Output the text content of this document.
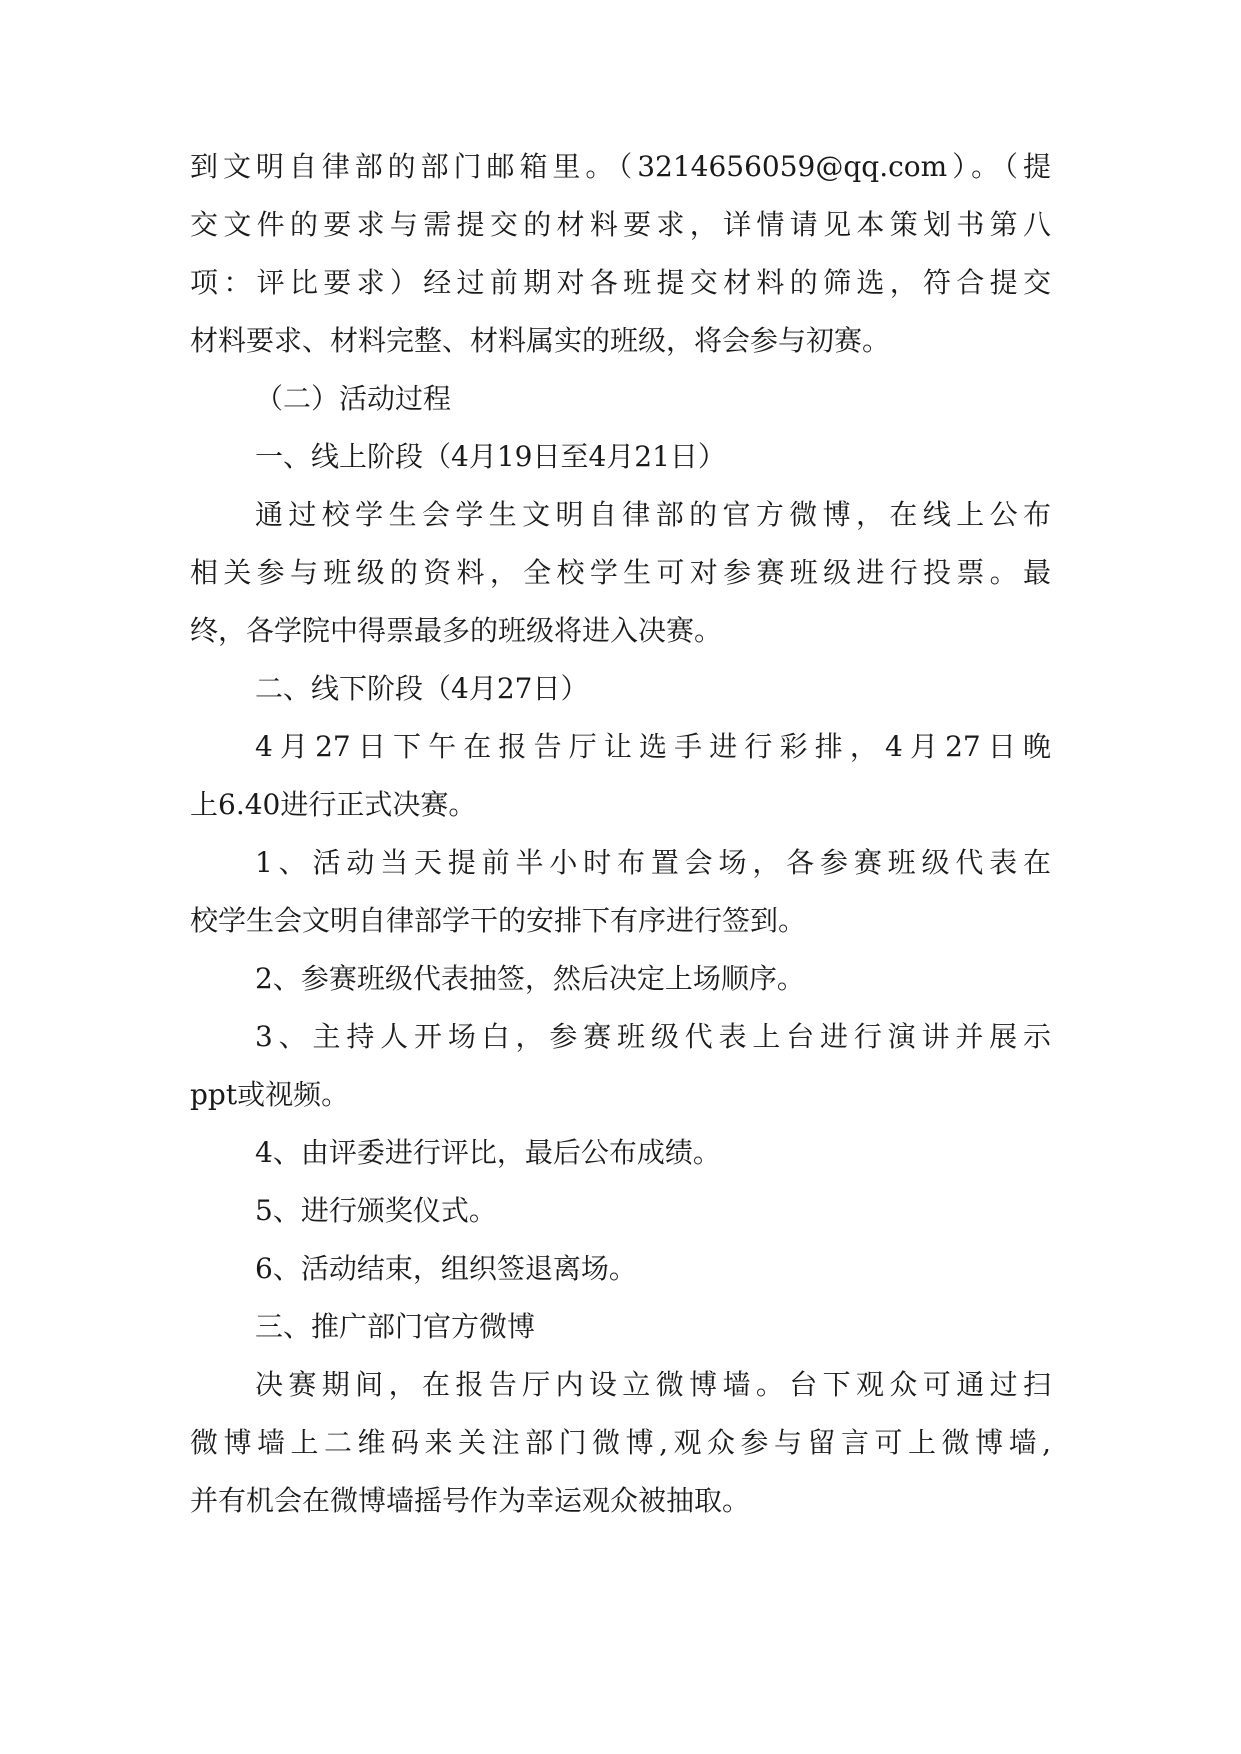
到文明自律部的部门邮箱里。（3214656059@qq.com）。（提

交文件的要求与需提交的材料要求，详情请见本策划书第八

项：评比要求）经过前期对各班提交材料的筛选，符合提交

材料要求、材料完整、材料属实的班级，将会参与初赛。

（二）活动过程

一、线上阶段（4月19日至4月21日）

通过校学生会学生文明自律部的官方微博，在线上公布

相关参与班级的资料，全校学生可对参赛班级进行投票。最

终，各学院中得票最多的班级将进入决赛。

二、线下阶段（4月27日）

4月27日下午在报告厅让选手进行彩排，4月27日晚

上6.40进行正式决赛。

1、活动当天提前半小时布置会场，各参赛班级代表在

校学生会文明自律部学干的安排下有序进行签到。

2、参赛班级代表抽签，然后决定上场顺序。

3、主持人开场白，参赛班级代表上台进行演讲并展示

ppt或视频。

4、由评委进行评比，最后公布成绩。

5、进行颁奖仪式。

6、活动结束，组织签退离场。

三、推广部门官方微博

决赛期间，在报告厅内设立微博墙。台下观众可通过扫

微博墙上二维码来关注部门微博,观众参与留言可上微博墙,

并有机会在微博墙摇号作为幸运观众被抽取。
